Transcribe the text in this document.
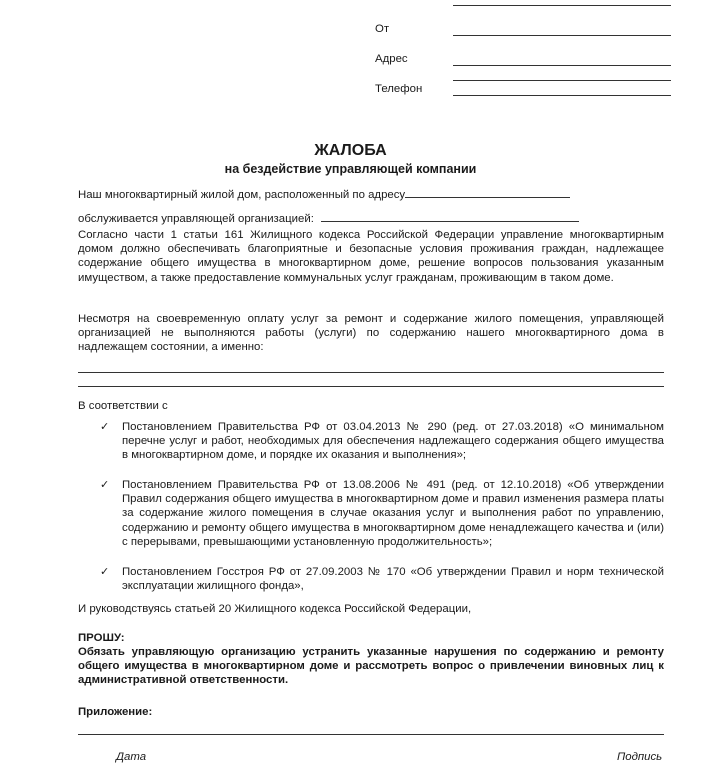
От
Адрес
Телефон
ЖАЛОБА
на бездействие управляющей компании
Наш многоквартирный жилой дом, расположенный по адресу
обслуживается управляющей организацией:
Согласно части 1 статьи 161 Жилищного кодекса Российской Федерации управление многоквартирным домом должно обеспечивать благоприятные и безопасные условия проживания граждан, надлежащее содержание общего имущества в многоквартирном доме, решение вопросов пользования указанным имуществом, а также предоставление коммунальных услуг гражданам, проживающим в таком доме.
Несмотря на своевременную оплату услуг за ремонт и содержание жилого помещения, управляющей организацией не выполняются работы (услуги) по содержанию нашего многоквартирного дома в надлежащем состоянии, а именно:
В соответствии с
✓	Постановлением Правительства РФ от 03.04.2013 № 290 (ред. от 27.03.2018) «О минимальном перечне услуг и работ, необходимых для обеспечения надлежащего содержания общего имущества в многоквартирном доме, и порядке их оказания и выполнения»;
✓	Постановлением Правительства РФ от 13.08.2006 № 491 (ред. от 12.10.2018) «Об утверждении Правил содержания общего имущества в многоквартирном доме и правил изменения размера платы за содержание жилого помещения в случае оказания услуг и выполнения работ по управлению, содержанию и ремонту общего имущества в многоквартирном доме ненадлежащего качества и (или) с перерывами, превышающими установленную продолжительность»;
✓	Постановлением Госстроя РФ от 27.09.2003 № 170 «Об утверждении Правил и норм технической эксплуатации жилищного фонда»,
И руководствуясь статьей 20 Жилищного кодекса Российской Федерации,
ПРОШУ:
Обязать управляющую организацию устранить указанные нарушения по содержанию и ремонту общего имущества в многоквартирном доме и рассмотреть вопрос о привлечении виновных лиц к административной ответственности.
Приложение:
Дата	Подпись
